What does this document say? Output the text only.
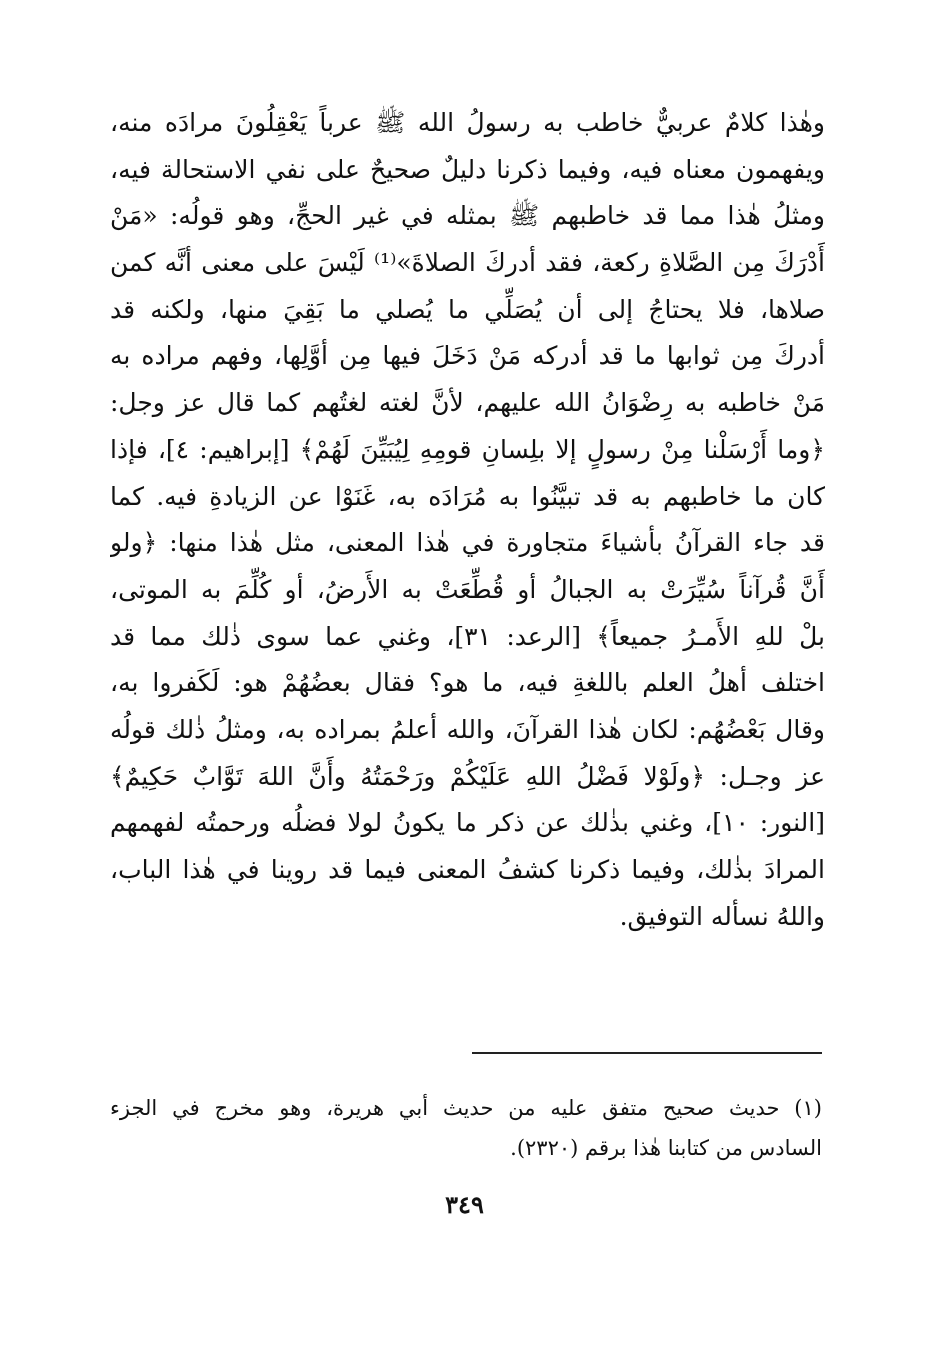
وهٰذا كلامٌ عربيٌّ خاطب به رسولُ الله ﷺ عرباً يَعْقِلُونَ مرادَه منه،
ويفهمون معناه فيه، وفيما ذكرنا دليلٌ صحيحٌ على نفي الاستحالة فيه،
ومثلُ هٰذا مما قد خاطبهم ﷺ بمثله في غير الحجِّ، وهو قولُه: «مَنْ
أَدْرَكَ مِن الصَّلاةِ ركعة، فقد أدركَ الصلاةَ»⁽¹⁾ لَيْسَ على معنى أنَّه كمن
صلاها، فلا يحتاجُ إلى أن يُصَلِّي ما يُصلي ما بَقِيَ منها، ولكنه قد
أدركَ مِن ثوابها ما قد أدركه مَنْ دَخَلَ فيها مِن أوَّلِها، وفهم مراده به
مَنْ خاطبه به رِضْوَانُ الله عليهم، لأنَّ لغته لغتُهم كما قال عز وجل:
﴿وما أَرْسَلْنا مِنْ رسولٍ إلا بلِسانِ قومِهِ لِيُبَيِّنَ لَهُمْ﴾ [إبراهيم: ٤]، فإذا
كان ما خاطبهم به قد تبيَّنُوا به مُرَادَه به، غَنَوْا عن الزيادةِ فيه. كما
قد جاء القرآنُ بأشياءَ متجاورة في هٰذا المعنى، مثل هٰذا منها: ﴿ولو
أَنَّ قُرآناً سُيِّرَتْ به الجبالُ أو قُطِّعَتْ به الأَرضُ، أو كُلِّمَ به الموتى،
بلْ للهِ الأَمـرُ جميعاً﴾ [الرعد: ٣١]، وغني عما سوى ذٰلك مما قد
اختلف أهلُ العلم باللغةِ فيه، ما هو؟ فقال بعضُهُمْ هو: لَكَفروا به،
وقال بَعْضُهُم: لكان هٰذا القرآنَ، والله أعلمُ بمراده به، ومثلُ ذٰلك قولُه
عز وجـل: ﴿ولَوْلا فَضْلُ اللهِ عَلَيْكُمْ ورَحْمَتُهُ وأَنَّ اللهَ تَوَّابٌ حَكِيمٌ﴾
[النور: ١٠]، وغني بذٰلك عن ذكر ما يكونُ لولا فضلُه ورحمتُه لفهمهم
المرادَ بذٰلك، وفيما ذكرنا كشفُ المعنى فيما قد روينا في هٰذا الباب،
واللهُ نسأله التوفيق.
(١) حديث صحيح متفق عليه من حديث أبي هريرة، وهو مخرج في الجزء
السادس من كتابنا هٰذا برقم (٢٣٢٠).
٣٤٩
